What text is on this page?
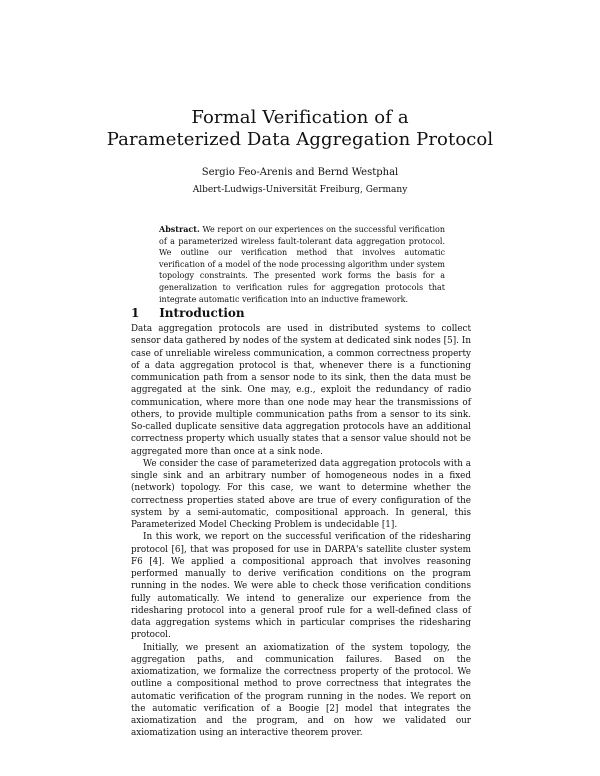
Formal Verification of a
Parameterized Data Aggregation Protocol
Sergio Feo-Arenis and Bernd Westphal
Albert-Ludwigs-Universität Freiburg, Germany
Abstract. We report on our experiences on the successful verification of a parameterized wireless fault-tolerant data aggregation protocol. We outline our verification method that involves automatic verification of a model of the node processing algorithm under system topology constraints. The presented work forms the basis for a generalization to verification rules for aggregation protocols that integrate automatic verification into an inductive framework.
1 Introduction

Data aggregation protocols are used in distributed systems to collect sensor data gathered by nodes of the system at dedicated sink nodes [5]. In case of unreliable wireless communication, a common correctness property of a data aggregation protocol is that, whenever there is a functioning communication path from a sensor node to its sink, then the data must be aggregated at the sink. One may, e.g., exploit the redundancy of radio communication, where more than one node may hear the transmissions of others, to provide multiple communication paths from a sensor to its sink. So-called duplicate sensitive data aggregation protocols have an additional correctness property which usually states that a sensor value should not be aggregated more than once at a sink node.

We consider the case of parameterized data aggregation protocols with a single sink and an arbitrary number of homogeneous nodes in a fixed (network) topology. For this case, we want to determine whether the correctness properties stated above are true of every configuration of the system by a semi-automatic, compositional approach. In general, this Parameterized Model Checking Problem is undecidable [1].

In this work, we report on the successful verification of the ridesharing protocol [6], that was proposed for use in DARPA's satellite cluster system F6 [4]. We applied a compositional approach that involves reasoning performed manually to derive verification conditions on the program running in the nodes. We were able to check those verification conditions fully automatically. We intend to generalize our experience from the ridesharing protocol into a general proof rule for a well-defined class of data aggregation systems which in particular comprises the ridesharing protocol.

Initially, we present an axiomatization of the system topology, the aggregation paths, and communication failures. Based on the axiomatization, we formalize the correctness property of the protocol. We outline a compositional method to prove correctness that integrates the automatic verification of the program running in the nodes. We report on the automatic verification of a Boogie [2] model that integrates the axiomatization and the program, and on how we validated our axiomatization using an interactive theorem prover.
